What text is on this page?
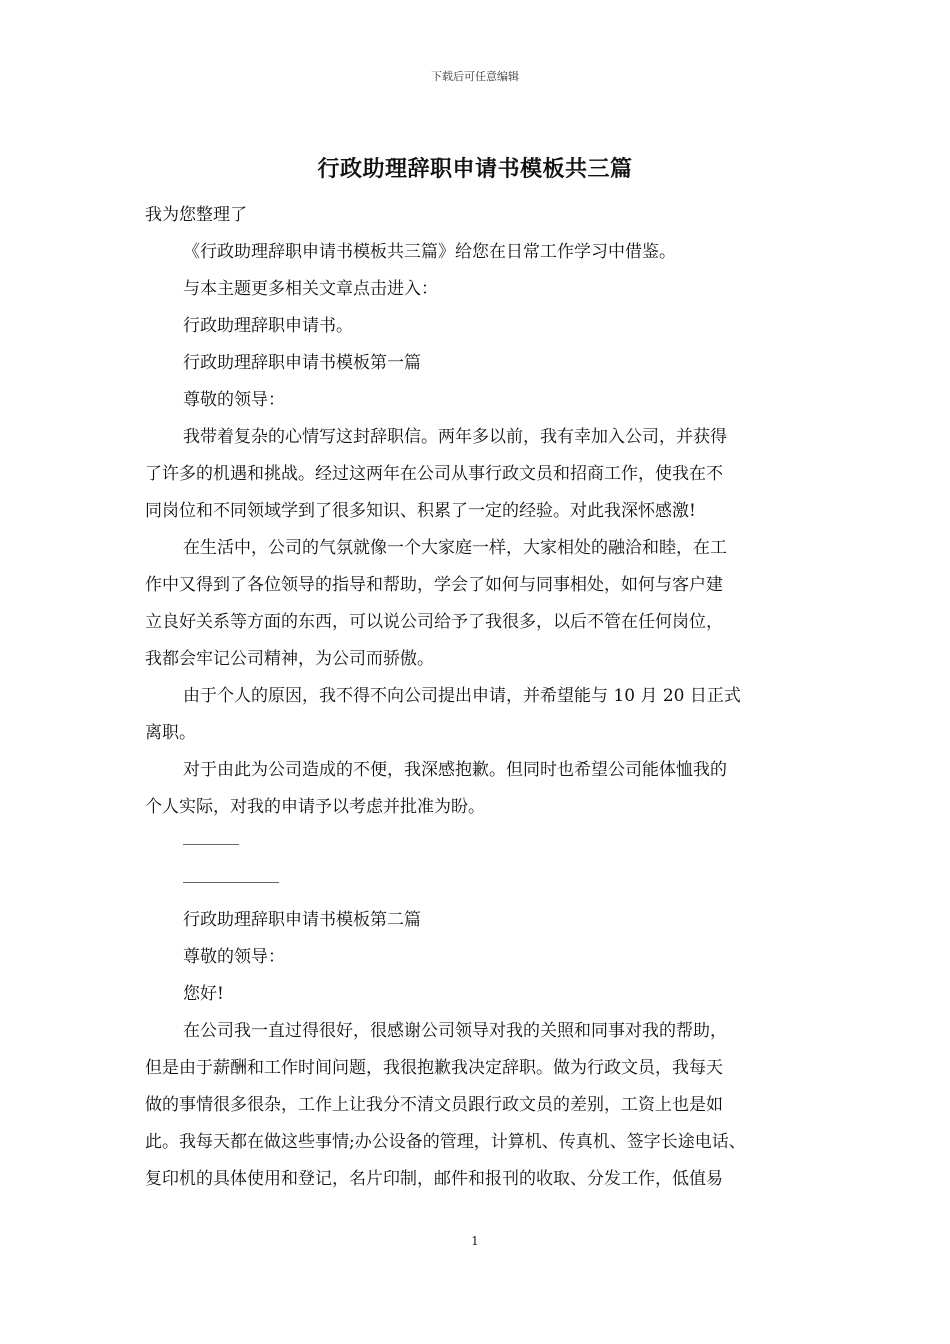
下载后可任意编辑
行政助理辞职申请书模板共三篇
我为您整理了
《行政助理辞职申请书模板共三篇》给您在日常工作学习中借鉴。
与本主题更多相关文章点击进入：
行政助理辞职申请书。
行政助理辞职申请书模板第一篇
尊敬的领导：
我带着复杂的心情写这封辞职信。两年多以前，我有幸加入公司，并获得
了许多的机遇和挑战。经过这两年在公司从事行政文员和招商工作，使我在不
同岗位和不同领域学到了很多知识、积累了一定的经验。对此我深怀感激!
在生活中，公司的气氛就像一个大家庭一样，大家相处的融洽和睦，在工
作中又得到了各位领导的指导和帮助，学会了如何与同事相处，如何与客户建
立良好关系等方面的东西，可以说公司给予了我很多，以后不管在任何岗位，
我都会牢记公司精神，为公司而骄傲。
由于个人的原因，我不得不向公司提出申请，并希望能与 10 月 20 日正式
离职。
对于由此为公司造成的不便，我深感抱歉。但同时也希望公司能体恤我的
个人实际，对我的申请予以考虑并批准为盼。
行政助理辞职申请书模板第二篇
尊敬的领导：
您好!
在公司我一直过得很好，很感谢公司领导对我的关照和同事对我的帮助，
但是由于薪酬和工作时间问题，我很抱歉我决定辞职。做为行政文员，我每天
做的事情很多很杂，工作上让我分不清文员跟行政文员的差别，工资上也是如
此。我每天都在做这些事情;办公设备的管理，计算机、传真机、签字长途电话、
复印机的具体使用和登记，名片印制，邮件和报刊的收取、分发工作，低值易
1
